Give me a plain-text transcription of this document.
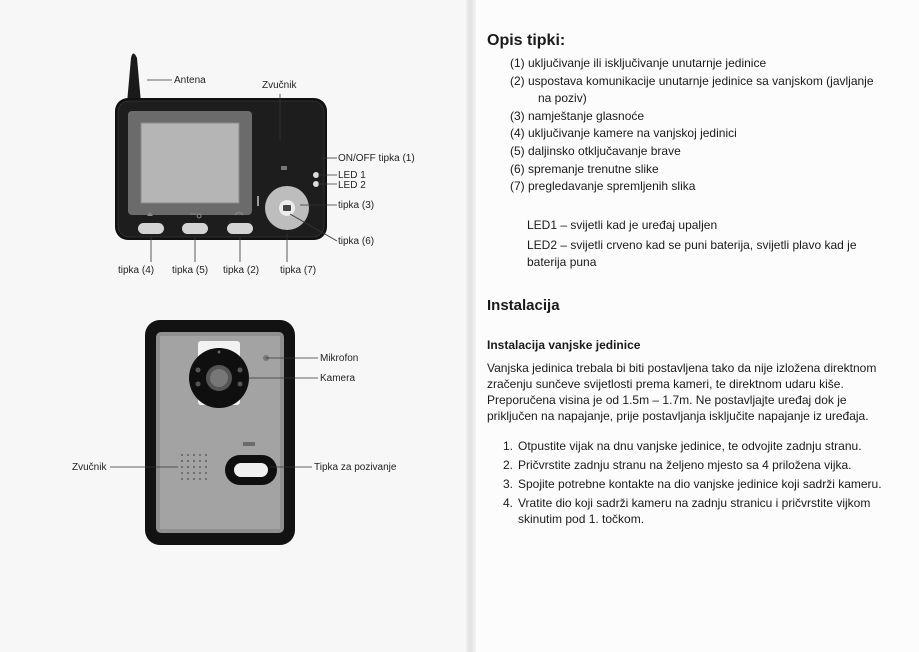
Antena	Zvučnik
ON/OFF tipka (1)
LED 1
LED 2
tipka (3)
tipka (6)
tipka (4) tipka (5) tipka (2) tipka (7)
Mikrofon
Kamera
Zvučnik	Tipka za pozivanje
Opis tipki:
(1) uključivanje ili isključivanje unutarnje jedinice
(2) uspostava komunikacije unutarnje jedinice sa vanjskom (javljanje na poziv)
(3) namještanje glasnoće
(4) uključivanje kamere na vanjskoj jedinici
(5) daljinsko otključavanje brave
(6) spremanje trenutne slike
(7) pregledavanje spremljenih slika

LED1 – svijetli kad je uređaj upaljen

LED2 – svijetli crveno kad se puni baterija, svijetli plavo kad je baterija puna

Instalacija
Instalacija vanjske jedinice

Vanjska jedinica trebala bi biti postavljena tako da nije izložena direktnom zračenju sunčeve svijetlosti prema kameri, te direktnom udaru kiše. Preporučena visina je od 1.5m – 1.7m. Ne postavljajte uređaj dok je priključen na napajanje, prije postavljanja isključite napajanje iz uređaja.

1. Otpustite vijak na dnu vanjske jedinice, te odvojite zadnju stranu.
2. Pričvrstite zadnju stranu na željeno mjesto sa 4 priložena vijka.
3. Spojite potrebne kontakte na dio vanjske jedinice koji sadrži kameru.
4. Vratite dio koji sadrži kameru na zadnju stranicu i pričvrstite vijkom skinutim pod 1. točkom.
